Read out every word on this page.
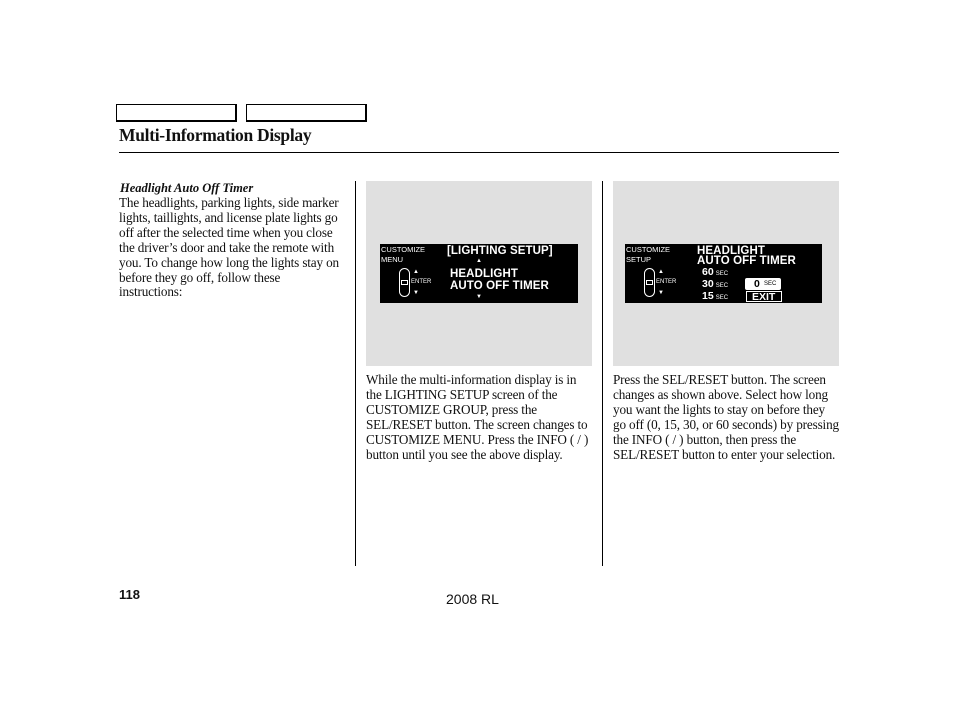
Multi-Information Display
Headlight Auto Off Timer

The headlights, parking lights, side marker lights, taillights, and license plate lights go off after the selected time when you close the driver’s door and take the remote with you. To change how long the lights stay on before they go off, follow these instructions:

CUSTOMIZE
MENU
▲
ENTER
▼
[LIGHTING SETUP]
▲
HEADLIGHT
AUTO OFF TIMER
▼
CUSTOMIZE
SETUP
▲
ENTER
▼
HEADLIGHT
AUTO OFF TIMER
60 SEC
30 SEC
15 SEC
0 SEC
EXIT

While the multi-information display is in the LIGHTING SETUP screen of the CUSTOMIZE GROUP, press the SEL/RESET button. The screen changes to CUSTOMIZE MENU. Press the INFO ( / ) button until you see the above display.

Press the SEL/RESET button. The screen changes as shown above. Select how long you want the lights to stay on before they go off (0, 15, 30, or 60 seconds) by pressing the INFO ( / ) button, then press the SEL/RESET button to enter your selection.

118	2008 RL
